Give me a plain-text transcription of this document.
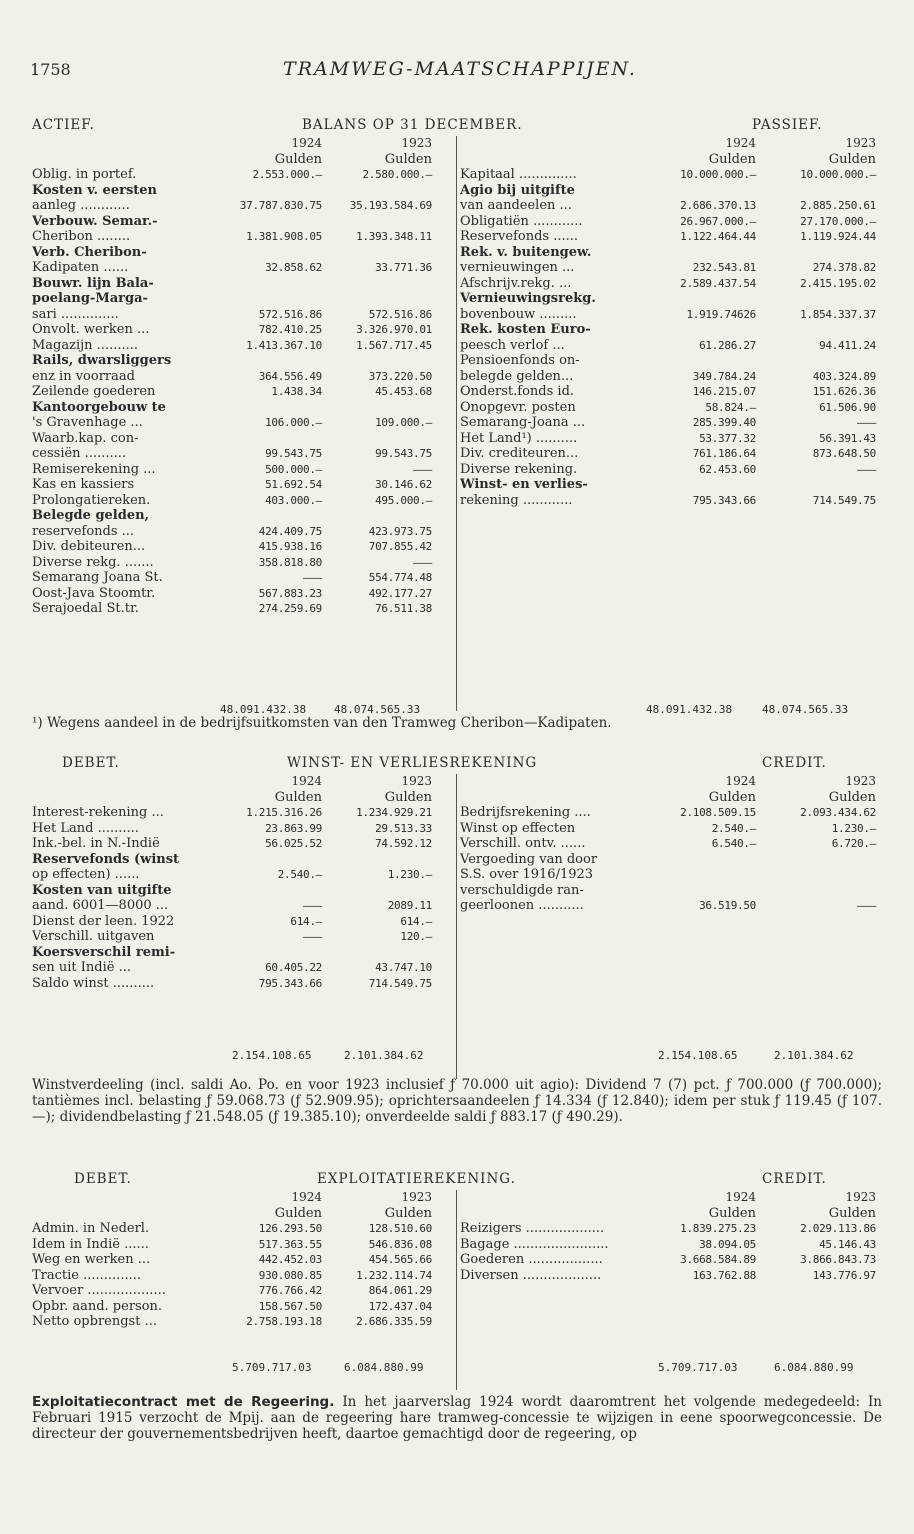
1758	TRAMWEG-MAATSCHAPPIJEN.
ACTIEF.	BALANS OP 31 DECEMBER.	PASSIEF.
	1924	1923
	Gulden	Gulden
Oblig. in portef.	2.553.000.—	2.580.000.—
Kosten v. eersten		
aanleg ............	37.787.830.75	35.193.584.69
Verbouw. Semar.-		
Cheribon ........	1.381.908.05	1.393.348.11
Verb. Cheribon-		
Kadipaten ......	32.858.62	33.771.36
Bouwr. lijn Bala-		
poelang-Marga-		
sari ..............	572.516.86	572.516.86
Onvolt. werken ...	782.410.25	3.326.970.01
Magazijn ..........	1.413.367.10	1.567.717.45
Rails, dwarsliggers		
enz in voorraad	364.556.49	373.220.50
Zeilende goederen	1.438.34	45.453.68
Kantoorgebouw te		
's Gravenhage ...	106.000.—	109.000.—
Waarb.kap. con-		
cessiën ..........	99.543.75	99.543.75
Remiserekening ...	500.000.—	———
Kas en kassiers	51.692.54	30.146.62
Prolongatiereken.	403.000.—	495.000.—
Belegde gelden,		
reservefonds ...	424.409.75	423.973.75
Div. debiteuren...	415.938.16	707.855.42
Diverse rekg. .......	358.818.80	———
Semarang Joana St.	———	554.774.48
Oost-Java Stoomtr.	567.883.23	492.177.27
Serajoedal St.tr.	274.259.69	76.511.38
	1924	1923
	Gulden	Gulden
Kapitaal ..............	10.000.000.—	10.000.000.—
Agio bij uitgifte		
van aandeelen ...	2.686.370.13	2.885.250.61
Obligatiën ............	26.967.000.—	27.170.000.—
Reservefonds ......	1.122.464.44	1.119.924.44
Rek. v. buitengew.		
vernieuwingen ...	232.543.81	274.378.82
Afschrijv.rekg. ...	2.589.437.54	2.415.195.02
Vernieuwingsrekg.		
bovenbouw .........	1.919.74626	1.854.337.37
Rek. kosten Euro-		
peesch verlof ...	61.286.27	94.411.24
Pensioenfonds on-		
belegde gelden...	349.784.24	403.324.89
Onderst.fonds id.	146.215.07	151.626.36
Onopgevr. posten	58.824.—	61.506.90
Semarang-Joana ...	285.399.40	———
Het Land¹) ..........	53.377.32	56.391.43
Div. crediteuren...	761.186.64	873.648.50
Diverse rekening.	62.453.60	———
Winst- en verlies-		
rekening ............	795.343.66	714.549.75
48.091.432.38	48.074.565.33	48.091.432.38	48.074.565.33
¹) Wegens aandeel in de bedrijfsuitkomsten van den Tramweg Cheribon—Kadipaten.
DEBET.	WINST- EN VERLIESREKENING	CREDIT.
	1924	1923
	Gulden	Gulden
Interest-rekening ...	1.215.316.26	1.234.929.21
Het Land ..........	23.863.99	29.513.33
Ink.-bel. in N.-Indië	56.025.52	74.592.12
Reservefonds (winst		
op effecten) ......	2.540.—	1.230.—
Kosten van uitgifte		
aand. 6001—8000 ...	———	2089.11
Dienst der leen. 1922	614.—	614.—
Verschill. uitgaven	———	120.—
Koersverschil remi-		
sen uit Indië ...	60.405.22	43.747.10
Saldo winst ..........	795.343.66	714.549.75
	1924	1923
	Gulden	Gulden
Bedrijfsrekening ....	2.108.509.15	2.093.434.62
Winst op effecten	2.540.—	1.230.—
Verschill. ontv. ......	6.540.—	6.720.—
Vergoeding van door		
S.S. over 1916/1923		
verschuldigde ran-		
geerloonen ...........	36.519.50	———
2.154.108.65	2.101.384.62	2.154.108.65	2.101.384.62
Winstverdeeling (incl. saldi Ao. Po. en voor 1923 inclusief ƒ 70.000 uit agio): Dividend 7 (7) pct. ƒ 700.000 (ƒ 700.000); tantièmes incl. belasting ƒ 59.068.73 (ƒ 52.909.95); oprichtersaandeelen ƒ 14.334 (ƒ 12.840); idem per stuk ƒ 119.45 (ƒ 107.—); dividendbelasting ƒ 21.548.05 (ƒ 19.385.10); onverdeelde saldi ƒ 883.17 (ƒ 490.29).
DEBET.	EXPLOITATIEREKENING.	CREDIT.
	1924	1923
	Gulden	Gulden
Admin. in Nederl.	126.293.50	128.510.60
Idem in Indië ......	517.363.55	546.836.08
Weg en werken ...	442.452.03	454.565.66
Tractie ..............	930.080.85	1.232.114.74
Vervoer ...................	776.766.42	864.061.29
Opbr. aand. person.	158.567.50	172.437.04
Netto opbrengst ...	2.758.193.18	2.686.335.59
	1924	1923
	Gulden	Gulden
Reizigers ...................	1.839.275.23	2.029.113.86
Bagage .......................	38.094.05	45.146.43
Goederen ..................	3.668.584.89	3.866.843.73
Diversen ...................	163.762.88	143.776.97
5.709.717.03	6.084.880.99	5.709.717.03	6.084.880.99
Exploitatiecontract met de Regeering. In het jaarverslag 1924 wordt daaromtrent het volgende medegedeeld: In Februari 1915 verzocht de Mpij. aan de regeering hare tramweg-concessie te wijzigen in eene spoorwegconcessie. De directeur der gouvernementsbedrijven heeft, daartoe gemachtigd door de regeering, op
